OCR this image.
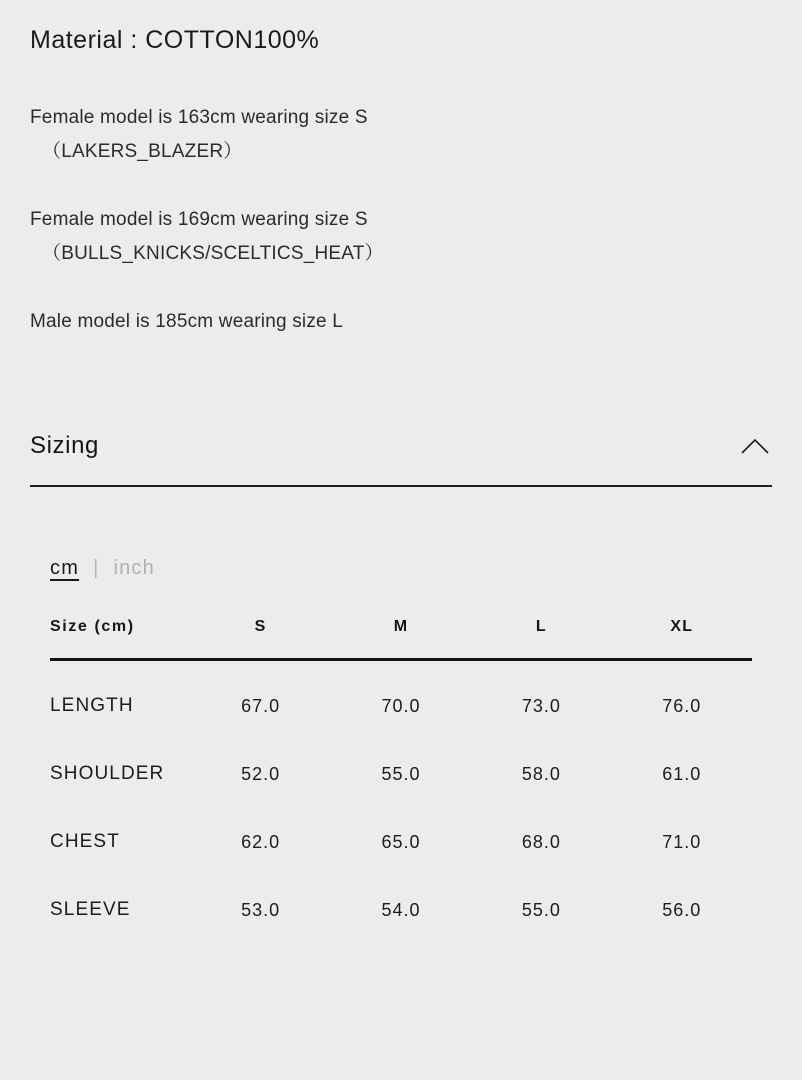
Material : COTTON100%

Female model is 163cm wearing size S
（LAKERS_BLAZER）

Female model is 169cm wearing size S
（BULLS_KNICKS/SCELTICS_HEAT）

Male model is 185cm wearing size L

Sizing
cm | inch
Size (cm)	S	M	L	XL
LENGTH	67.0	70.0	73.0	76.0
SHOULDER	52.0	55.0	58.0	61.0
CHEST	62.0	65.0	68.0	71.0
SLEEVE	53.0	54.0	55.0	56.0
